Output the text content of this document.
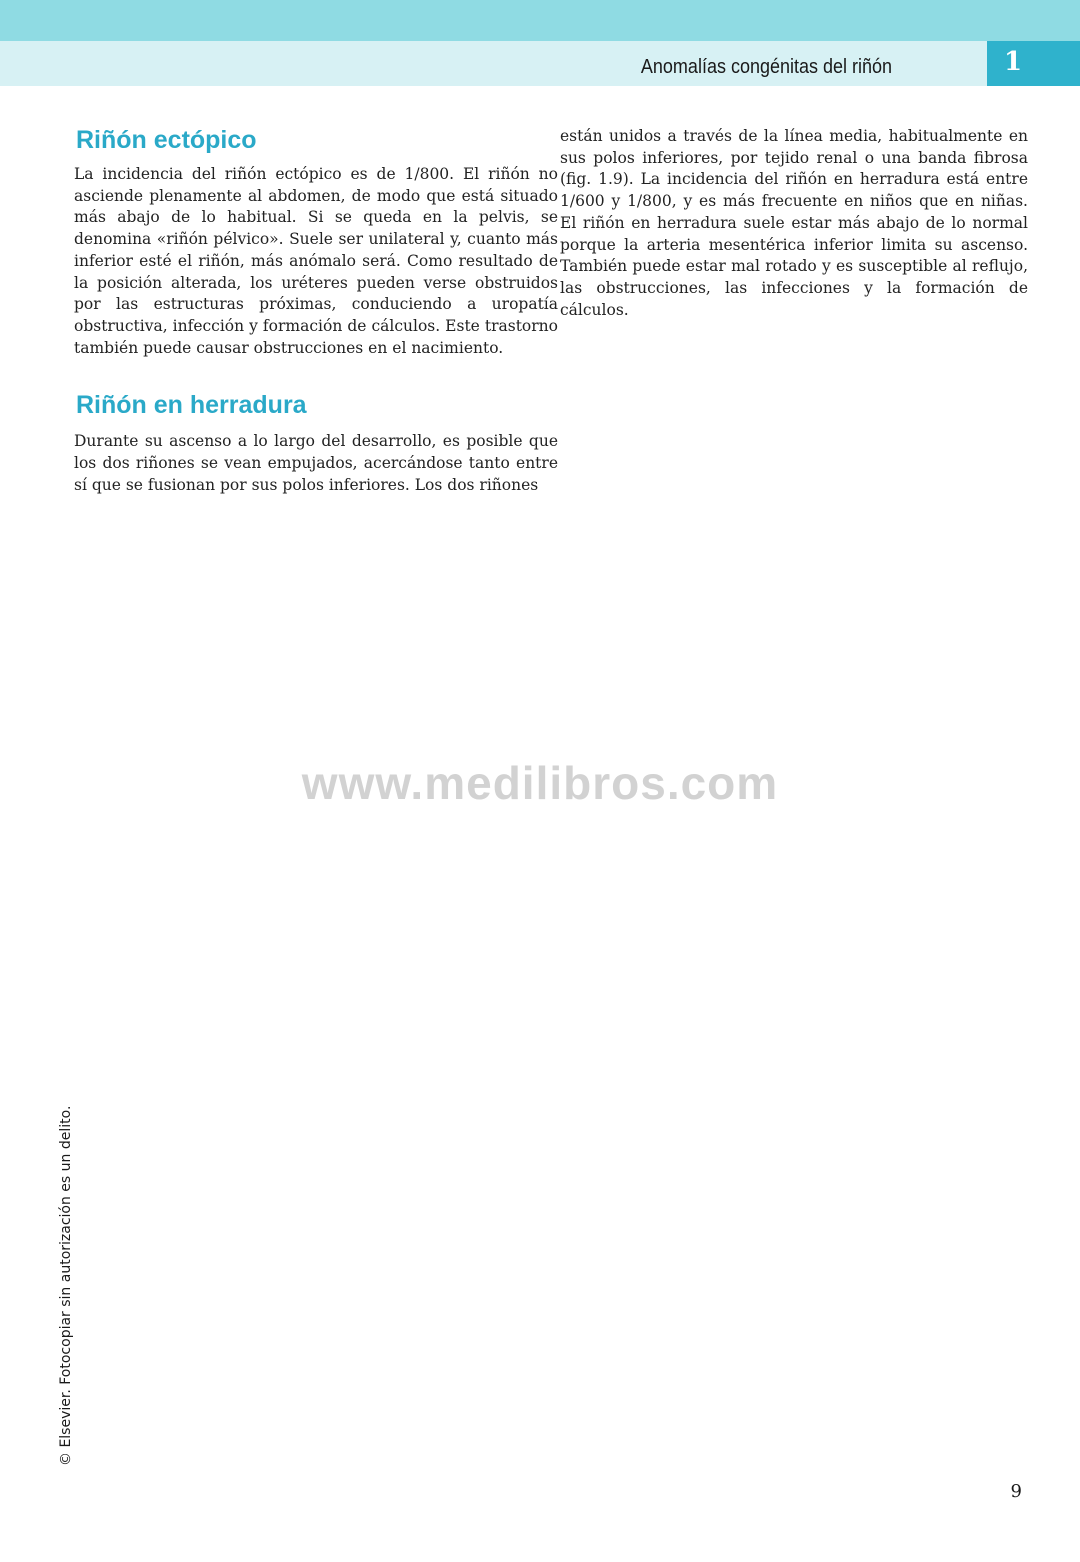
Anomalías congénitas del riñón	1
Riñón ectópico

La incidencia del riñón ectópico es de 1/800. El riñón no asciende plenamente al abdomen, de modo que está situado más abajo de lo habitual. Si se queda en la pelvis, se denomina «riñón pélvico». Suele ser unilateral y, cuanto más inferior esté el riñón, más anómalo será. Como resultado de la posición alterada, los uréteres pueden verse obstruidos por las estructuras próximas, conduciendo a uropatía obstructiva, infección y formación de cálculos. Este trastorno también puede causar obstrucciones en el nacimiento.

Riñón en herradura

Durante su ascenso a lo largo del desarrollo, es posible que los dos riñones se vean empujados, acercándose tanto entre sí que se fusionan por sus polos inferiores. Los dos riñones

están unidos a través de la línea media, habitualmente en sus polos inferiores, por tejido renal o una banda fibrosa (fig. 1.9). La incidencia del riñón en herradura está entre 1/600 y 1/800, y es más frecuente en niños que en niñas. El riñón en herradura suele estar más abajo de lo normal porque la arteria mesentérica inferior limita su ascenso. También puede estar mal rotado y es susceptible al reflujo, las obstrucciones, las infecciones y la formación de cálculos.

www.medilibros.com
© Elsevier. Fotocopiar sin autorización es un delito.
9
